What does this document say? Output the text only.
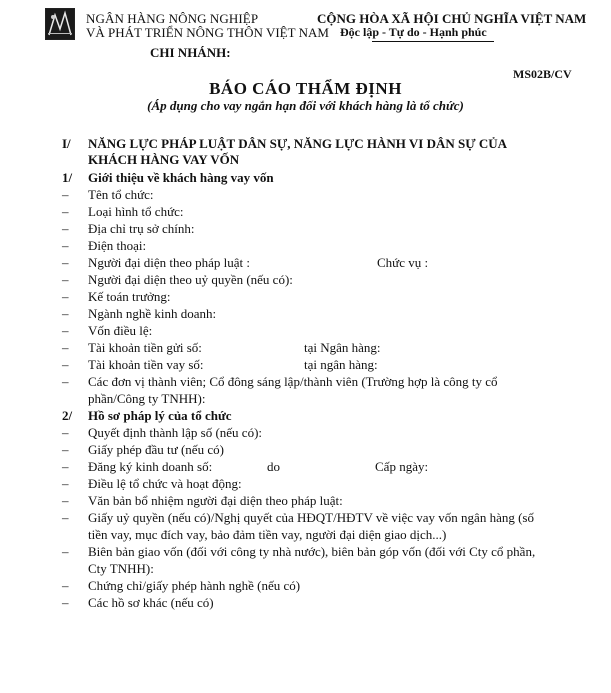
NGÂN HÀNG NÔNG NGHIỆP
VÀ PHÁT TRIỂN NÔNG THÔN VIỆT NAM
CHI NHÁNH:
CỘNG HÒA XÃ HỘI CHỦ NGHĨA VIỆT NAM
Độc lập - Tự do - Hạnh phúc
MS02B/CV
BÁO CÁO THẨM ĐỊNH
(Áp dụng cho vay ngắn hạn đối với khách hàng là tổ chức)
I/ NĂNG LỰC PHÁP LUẬT DÂN SỰ, NĂNG LỰC HÀNH VI DÂN SỰ CỦA
KHÁCH HÀNG VAY VỐN
1/ Giới thiệu về khách hàng vay vốn
– Tên tổ chức:
– Loại hình tổ chức:
– Địa chỉ trụ sở chính:
– Điện thoại:
– Người đại diện theo pháp luật :	Chức vụ :
– Người đại diện theo uỷ quyền (nếu có):
– Kế toán trưởng:
– Ngành nghề kinh doanh:
– Vốn điều lệ:
– Tài khoản tiền gửi số:	tại Ngân hàng:
– Tài khoản tiền vay số:	tại ngân hàng:
– Các đơn vị thành viên; Cổ đông sáng lập/thành viên (Trường hợp là công ty cổ
phần/Công ty TNHH):
2/ Hồ sơ pháp lý của tổ chức
– Quyết định thành lập số (nếu có):
– Giấy phép đầu tư (nếu có)
– Đăng ký kinh doanh số:	do	Cấp ngày:
– Điều lệ tổ chức và hoạt động:
– Văn bản bổ nhiệm người đại diện theo pháp luật:
– Giấy uỷ quyền (nếu có)/Nghị quyết của HĐQT/HĐTV về việc vay vốn ngân hàng (số
tiền vay, mục đích vay, bảo đảm tiền vay, người đại diện giao dịch...)
– Biên bản giao vốn (đối với công ty nhà nước), biên bản góp vốn (đối với Cty cổ phần,
Cty TNHH):
– Chứng chỉ/giấy phép hành nghề (nếu có)
– Các hồ sơ khác (nếu có)
